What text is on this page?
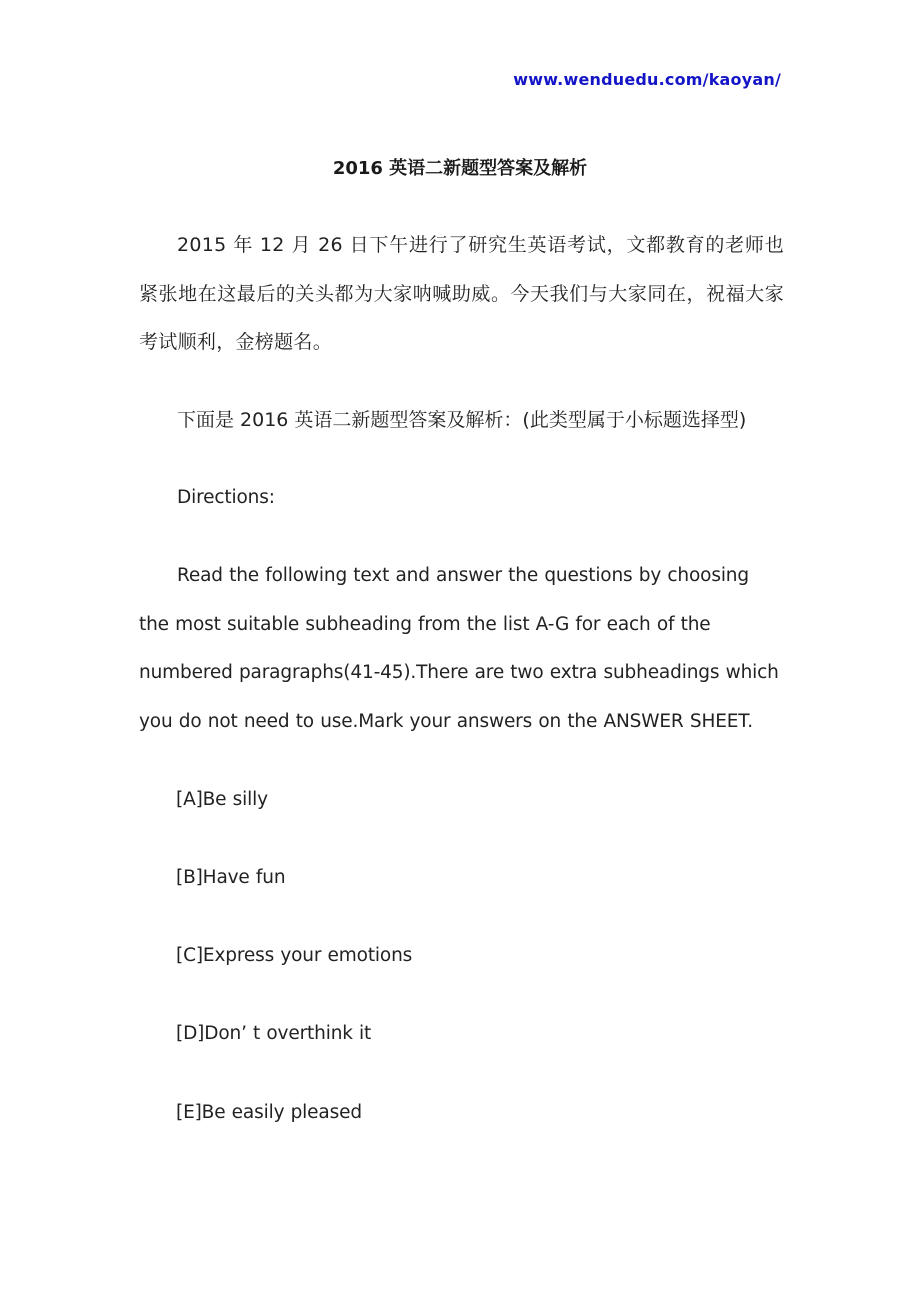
www.wenduedu.com/kaoyan/
2016 英语二新题型答案及解析

2015 年 12 月 26 日下午进行了研究生英语考试，文都教育的老师也紧张地在这最后的关头都为大家呐喊助威。今天我们与大家同在，祝福大家考试顺利，金榜题名。

下面是 2016 英语二新题型答案及解析：(此类型属于小标题选择型)

Directions:

Read the following text and answer the questions by choosing the most suitable subheading from the list A-G for each of the numbered paragraphs(41-45).There are two extra subheadings which you do not need to use.Mark your answers on the ANSWER SHEET.

[A]Be silly

[B]Have fun

[C]Express your emotions

[D]Don’ t overthink it

[E]Be easily pleased
